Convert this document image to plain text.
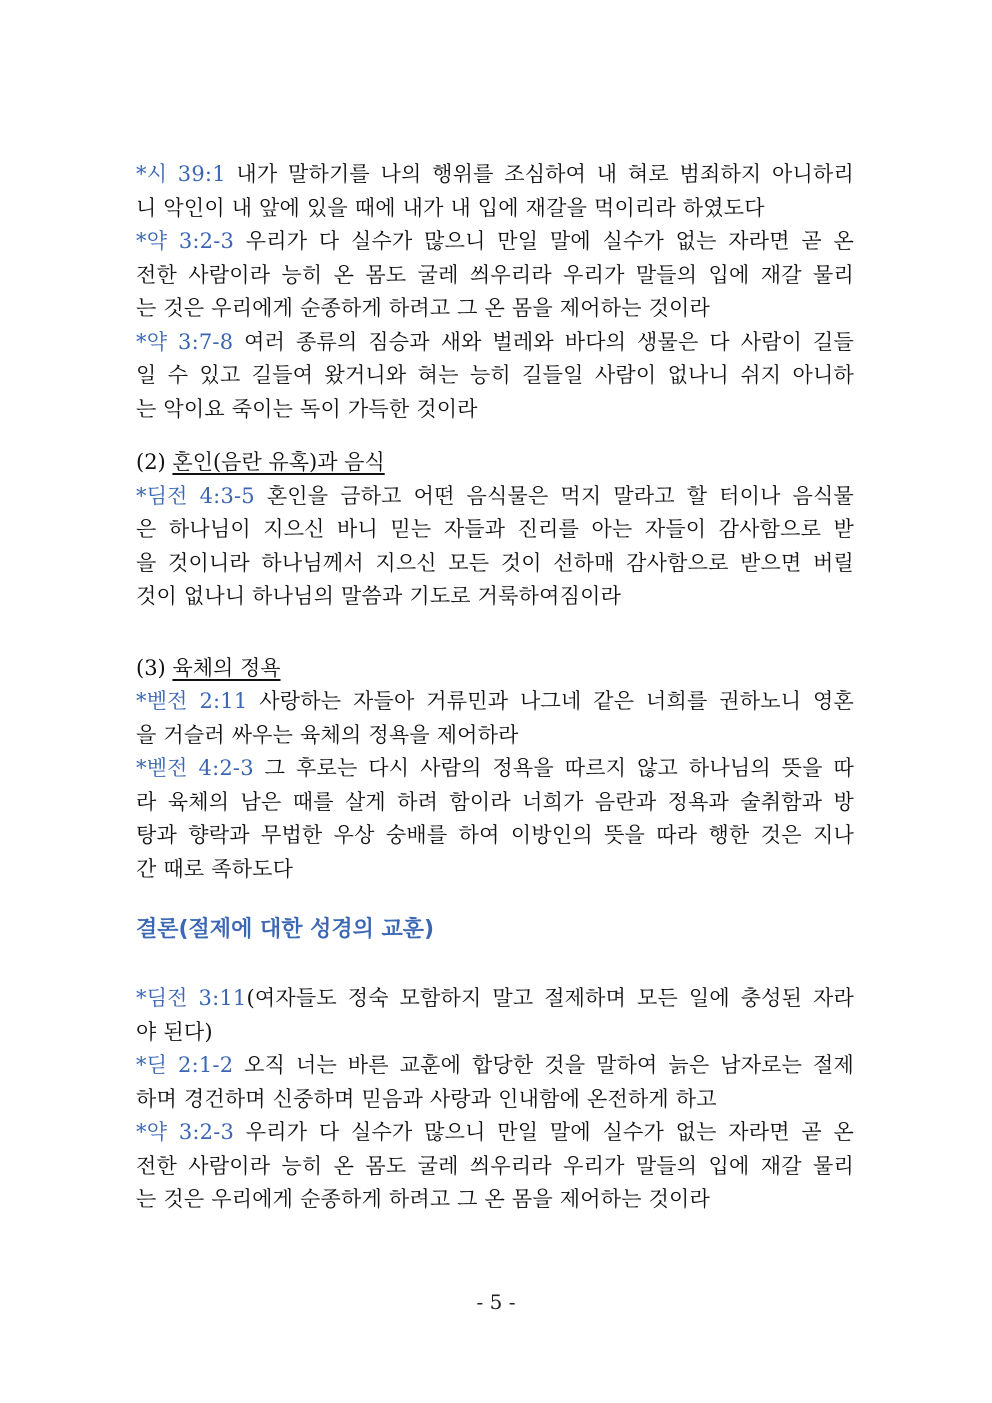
*시 39:1 내가 말하기를 나의 행위를 조심하여 내 혀로 범죄하지 아니하리
니 악인이 내 앞에 있을 때에 내가 내 입에 재갈을 먹이리라 하였도다
*약 3:2-3 우리가 다 실수가 많으니 만일 말에 실수가 없는 자라면 곧 온
전한 사람이라 능히 온 몸도 굴레 씌우리라 우리가 말들의 입에 재갈 물리
는 것은 우리에게 순종하게 하려고 그 온 몸을 제어하는 것이라
*약 3:7-8 여러 종류의 짐승과 새와 벌레와 바다의 생물은 다 사람이 길들
일 수 있고 길들여 왔거니와 혀는 능히 길들일 사람이 없나니 쉬지 아니하
는 악이요 죽이는 독이 가득한 것이라
(2) 혼인(음란 유혹)과 음식
*딤전 4:3-5 혼인을 금하고 어떤 음식물은 먹지 말라고 할 터이나 음식물
은 하나님이 지으신 바니 믿는 자들과 진리를 아는 자들이 감사함으로 받
을 것이니라 하나님께서 지으신 모든 것이 선하매 감사함으로 받으면 버릴
것이 없나니 하나님의 말씀과 기도로 거룩하여짐이라
(3) 육체의 정욕
*벧전 2:11 사랑하는 자들아 거류민과 나그네 같은 너희를 권하노니 영혼
을 거슬러 싸우는 육체의 정욕을 제어하라
*벧전 4:2-3 그 후로는 다시 사람의 정욕을 따르지 않고 하나님의 뜻을 따
라 육체의 남은 때를 살게 하려 함이라 너희가 음란과 정욕과 술취함과 방
탕과 향락과 무법한 우상 숭배를 하여 이방인의 뜻을 따라 행한 것은 지나
간 때로 족하도다
결론(절제에 대한 성경의 교훈)
*딤전 3:11(여자들도 정숙 모함하지 말고 절제하며 모든 일에 충성된 자라
야 된다)
*딛 2:1-2 오직 너는 바른 교훈에 합당한 것을 말하여 늙은 남자로는 절제
하며 경건하며 신중하며 믿음과 사랑과 인내함에 온전하게 하고
*약 3:2-3 우리가 다 실수가 많으니 만일 말에 실수가 없는 자라면 곧 온
전한 사람이라 능히 온 몸도 굴레 씌우리라 우리가 말들의 입에 재갈 물리
는 것은 우리에게 순종하게 하려고 그 온 몸을 제어하는 것이라
- 5 -
